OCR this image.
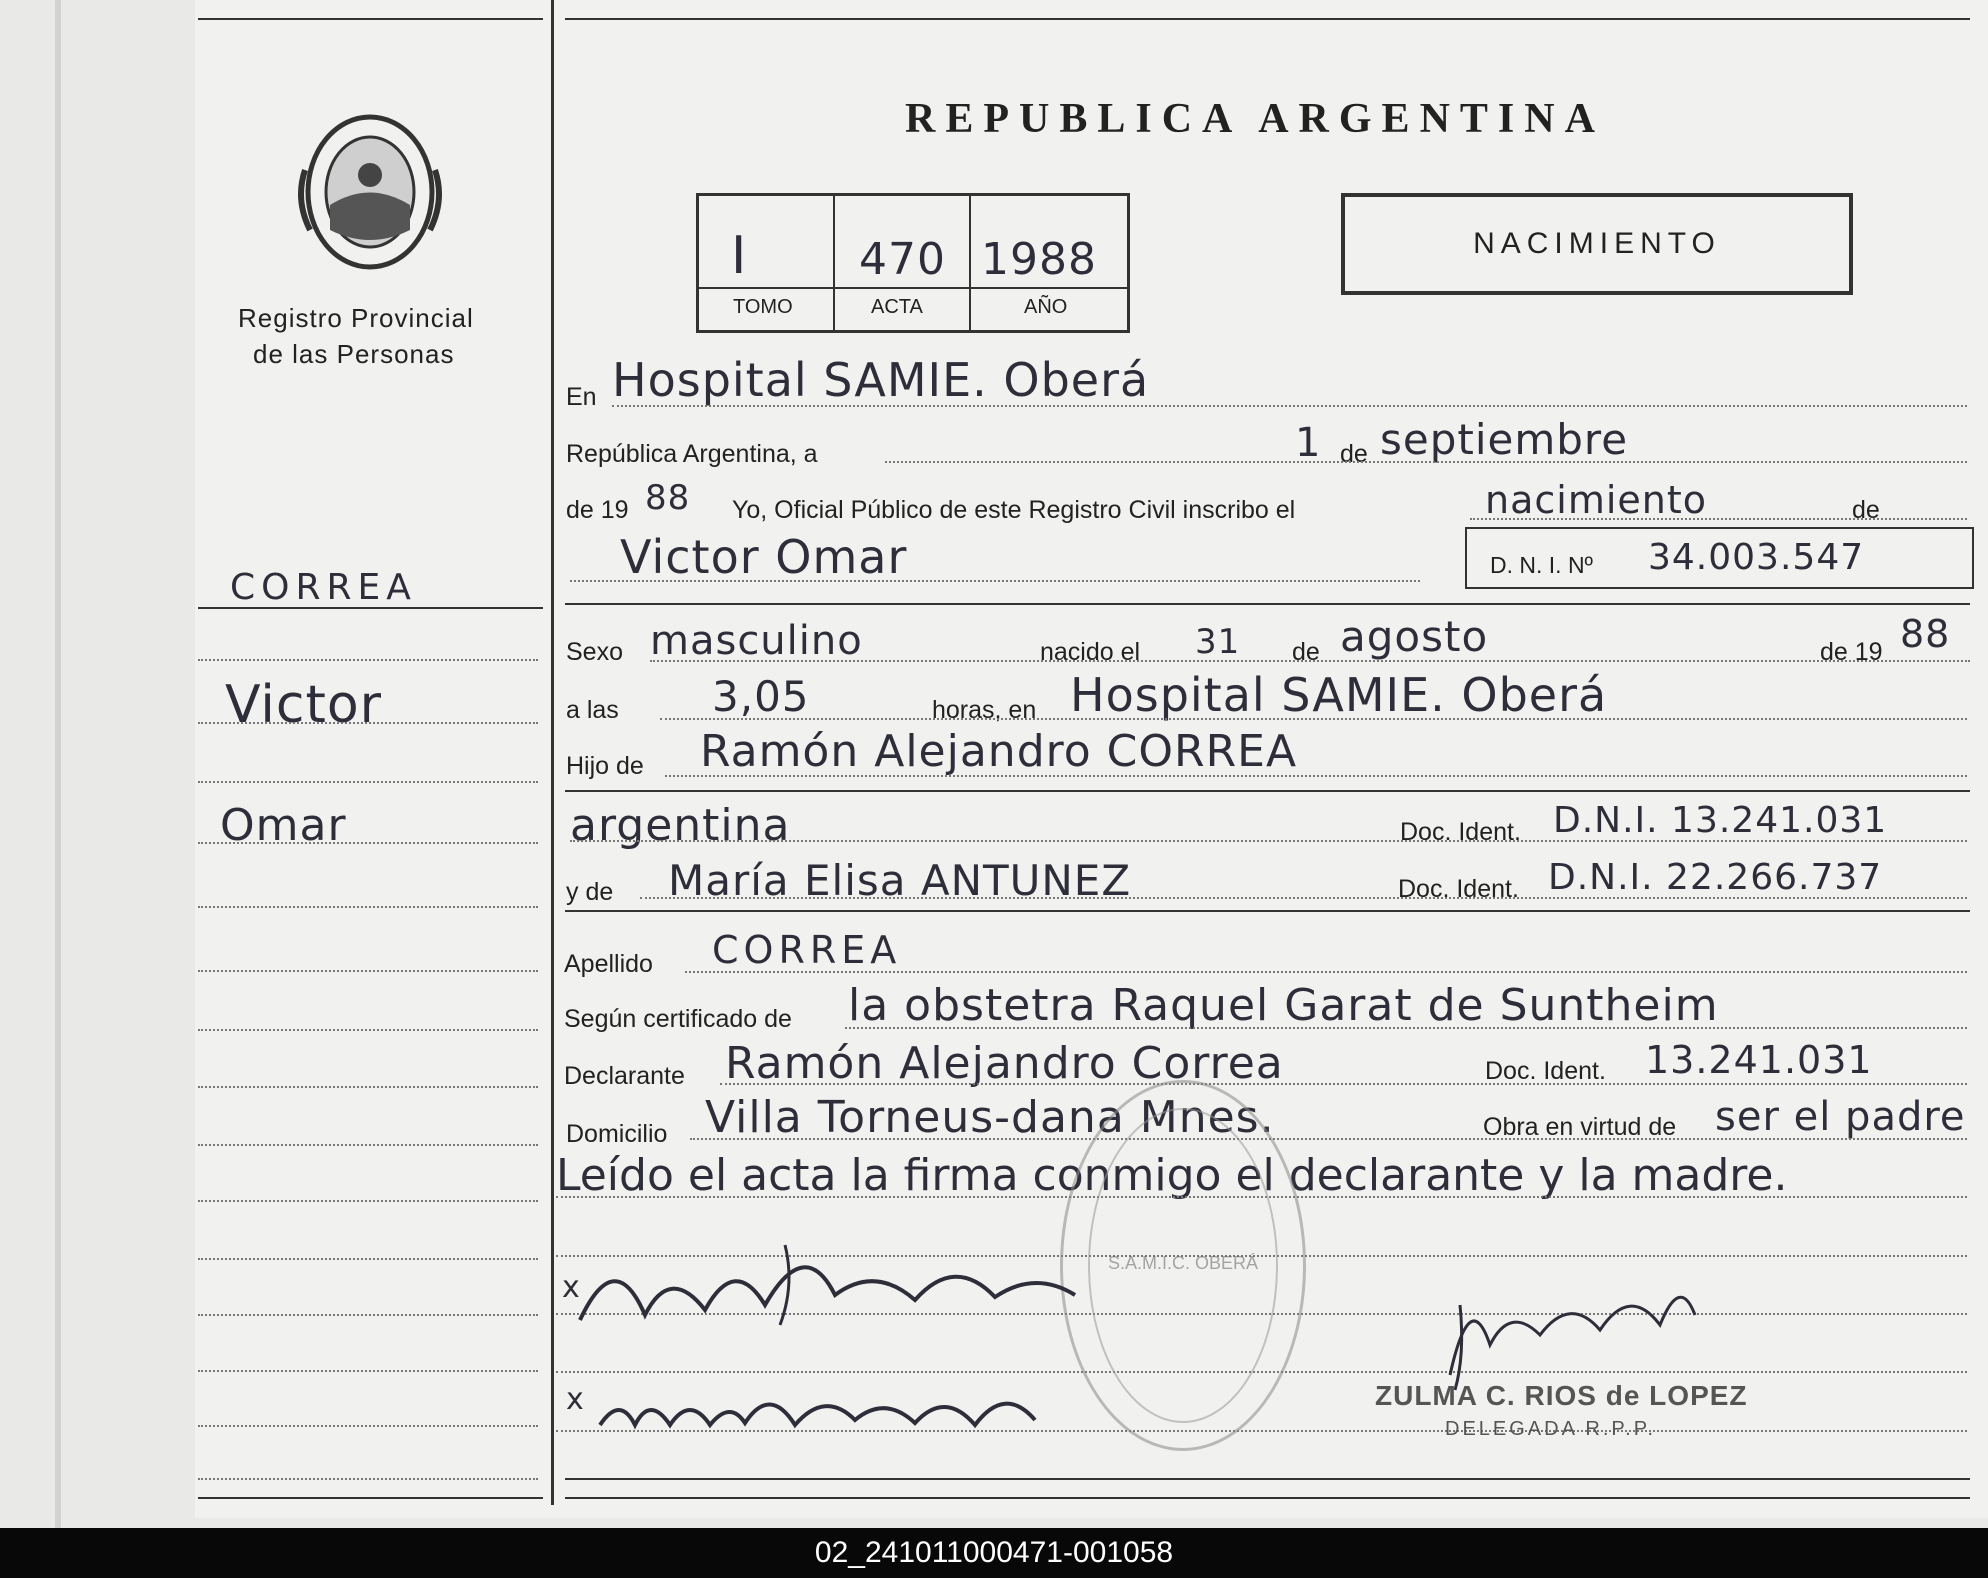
Registro Provincial
de las Personas
CORREA
Victor
Omar
REPUBLICA ARGENTINA
I	470 1988
TOMO	ACTA	AÑO
NACIMIENTO
En Hospital SAMIE. Oberá
República Argentina, a	1 de septiembre
de 19 88 Yo, Oficial Público de este Registro Civil inscribo el	nacimiento	de
Victor Omar	D. N. I. Nº 34.003.547
Sexo masculino	nacido el 31 de agosto	de 19 88
a las 3,05	horas, en Hospital SAMIE. Oberá
Hijo de Ramón Alejandro CORREA
argentina	Doc. Ident. D.N.I. 13.241.031
y de María Elisa ANTUNEZ	Doc. Ident. D.N.I. 22.266.737
Apellido CORREA
Según certificado de la obstetra Raquel Garat de Suntheim
Declarante Ramón Alejandro Correa	Doc. Ident. 13.241.031
Domicilio Villa Torneus-dana Mnes.	Obra en virtud de ser el padre
Leído el acta la firma conmigo el declarante y la madre.
S.A.M.I.C. OBERÁ
x
x	ZULMA C. RIOS de LOPEZ
DELEGADA R.P.P.
02_241011000471-001058
